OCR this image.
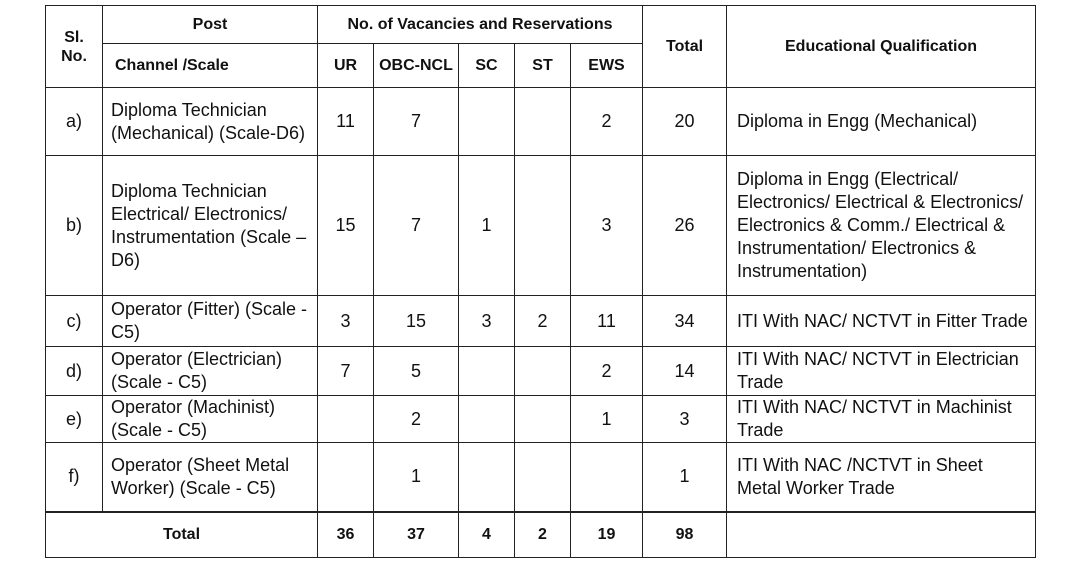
Sl. No.	Post	No. of Vacancies and Reservations					Total	Educational Qualification
	Channel /Scale	UR	OBC-NCL	SC	ST	EWS		
a)	Diploma Technician (Mechanical) (Scale-D6)	11	7			2	20	Diploma in Engg (Mechanical)
b)	Diploma Technician Electrical/ Electronics/ Instrumentation (Scale – D6)	15	7	1		3	26	Diploma in Engg (Electrical/ Electronics/ Electrical & Electronics/ Electronics & Comm./ Electrical & Instrumentation/ Electronics & Instrumentation)
c)	Operator (Fitter) (Scale - C5)	3	15	3	2	11	34	ITI With NAC/ NCTVT in Fitter Trade
d)	Operator (Electrician) (Scale - C5)	7	5			2	14	ITI With NAC/ NCTVT in Electrician Trade
e)	Operator (Machinist) (Scale - C5)		2			1	3	ITI With NAC/ NCTVT in Machinist Trade
f)	Operator (Sheet Metal Worker) (Scale - C5)		1				1	ITI With NAC /NCTVT in Sheet Metal Worker Trade
Total		36	37	4	2	19	98	
